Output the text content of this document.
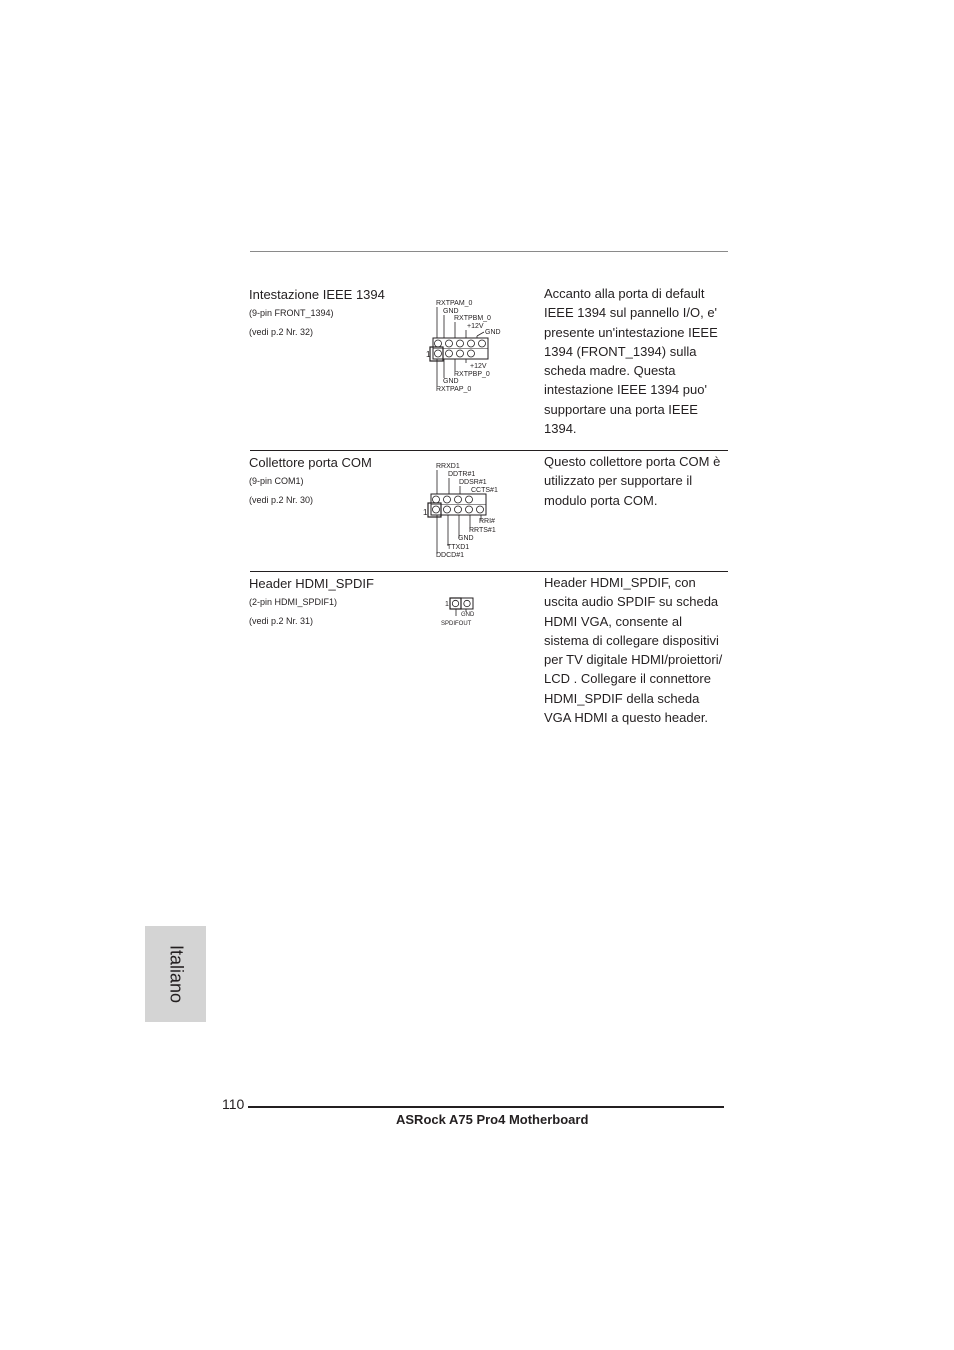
Intestazione IEEE 1394
(9-pin FRONT_1394)
(vedi p.2 Nr. 32)
Accanto alla porta di default IEEE 1394 sul pannello I/O, e' presente un'intestazione IEEE 1394 (FRONT_1394) sulla scheda madre. Questa intestazione IEEE 1394 puo' supportare una porta IEEE 1394.
RXTPAM_0
GND
RXTPBM_0
+12V
GND
1
+12V
RXTPBP_0
GND
RXTPAP_0
Collettore porta COM
(9-pin COM1)
(vedi p.2 Nr. 30)
Questo collettore porta COM è utilizzato per supportare il modulo porta COM.
RRXD1
DDTR#1
DDSR#1
CCTS#1
1
RRI#
RRTS#1
GND
TTXD1
DDCD#1
Header HDMI_SPDIF
(2-pin HDMI_SPDIF1)
(vedi p.2 Nr. 31)
Header HDMI_SPDIF, con uscita audio SPDIF su scheda HDMI VGA, consente al sistema di collegare dispositivi per TV digitale HDMI/proiettori/ LCD . Collegare il connettore HDMI_SPDIF della scheda VGA HDMI a questo header.
1
GND
SPDIFOUT
Italiano
110
ASRock A75 Pro4 Motherboard
